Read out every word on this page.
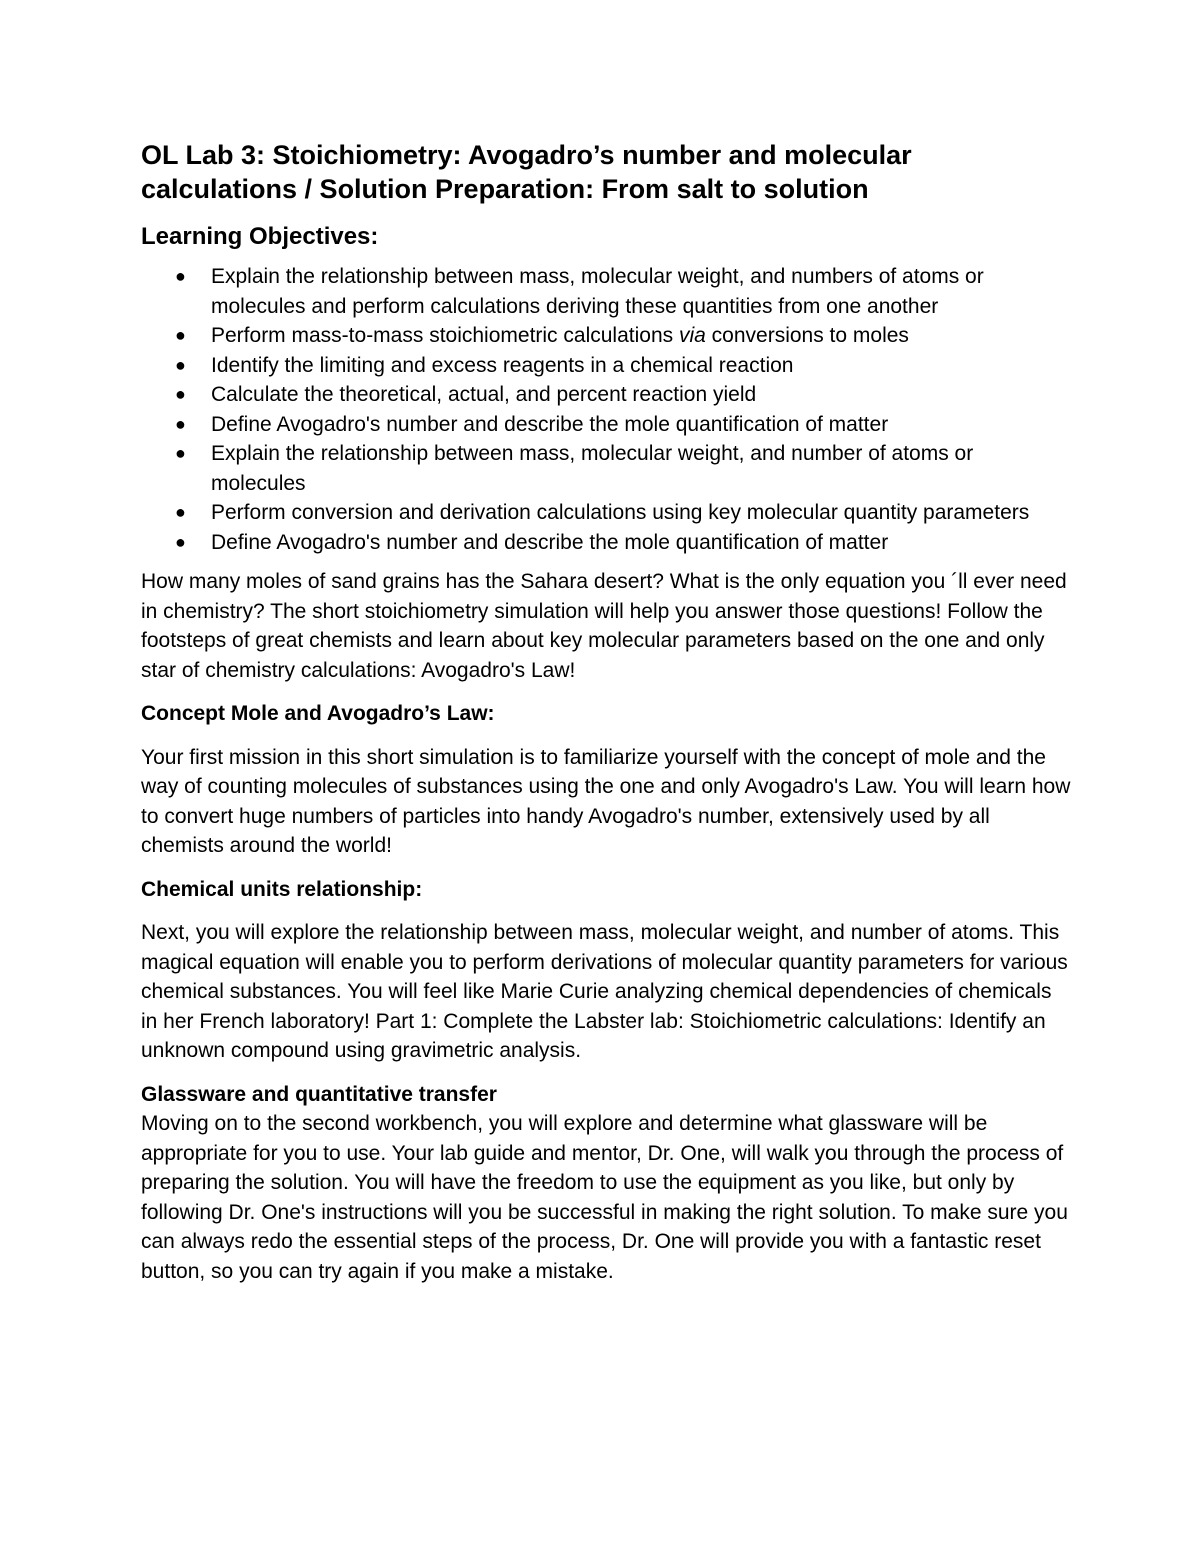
OL Lab 3: Stoichiometry: Avogadro’s number and molecular calculations / Solution Preparation: From salt to solution
Learning Objectives:
● Explain the relationship between mass, molecular weight, and numbers of atoms or molecules and perform calculations deriving these quantities from one another
● Perform mass-to-mass stoichiometric calculations via conversions to moles
● Identify the limiting and excess reagents in a chemical reaction
● Calculate the theoretical, actual, and percent reaction yield
● Define Avogadro's number and describe the mole quantification of matter
● Explain the relationship between mass, molecular weight, and number of atoms or molecules
● Perform conversion and derivation calculations using key molecular quantity parameters
● Define Avogadro's number and describe the mole quantification of matter

How many moles of sand grains has the Sahara desert? What is the only equation you ´ll ever need in chemistry? The short stoichiometry simulation will help you answer those questions! Follow the footsteps of great chemists and learn about key molecular parameters based on the one and only star of chemistry calculations: Avogadro's Law!

Concept Mole and Avogadro’s Law:

Your first mission in this short simulation is to familiarize yourself with the concept of mole and the way of counting molecules of substances using the one and only Avogadro's Law. You will learn how to convert huge numbers of particles into handy Avogadro's number, extensively used by all chemists around the world!

Chemical units relationship:

Next, you will explore the relationship between mass, molecular weight, and number of atoms. This magical equation will enable you to perform derivations of molecular quantity parameters for various chemical substances. You will feel like Marie Curie analyzing chemical dependencies of chemicals in her French laboratory! Part 1: Complete the Labster lab: Stoichiometric calculations: Identify an unknown compound using gravimetric analysis.

Glassware and quantitative transfer

Moving on to the second workbench, you will explore and determine what glassware will be appropriate for you to use. Your lab guide and mentor, Dr. One, will walk you through the process of preparing the solution. You will have the freedom to use the equipment as you like, but only by following Dr. One's instructions will you be successful in making the right solution. To make sure you can always redo the essential steps of the process, Dr. One will provide you with a fantastic reset button, so you can try again if you make a mistake.
